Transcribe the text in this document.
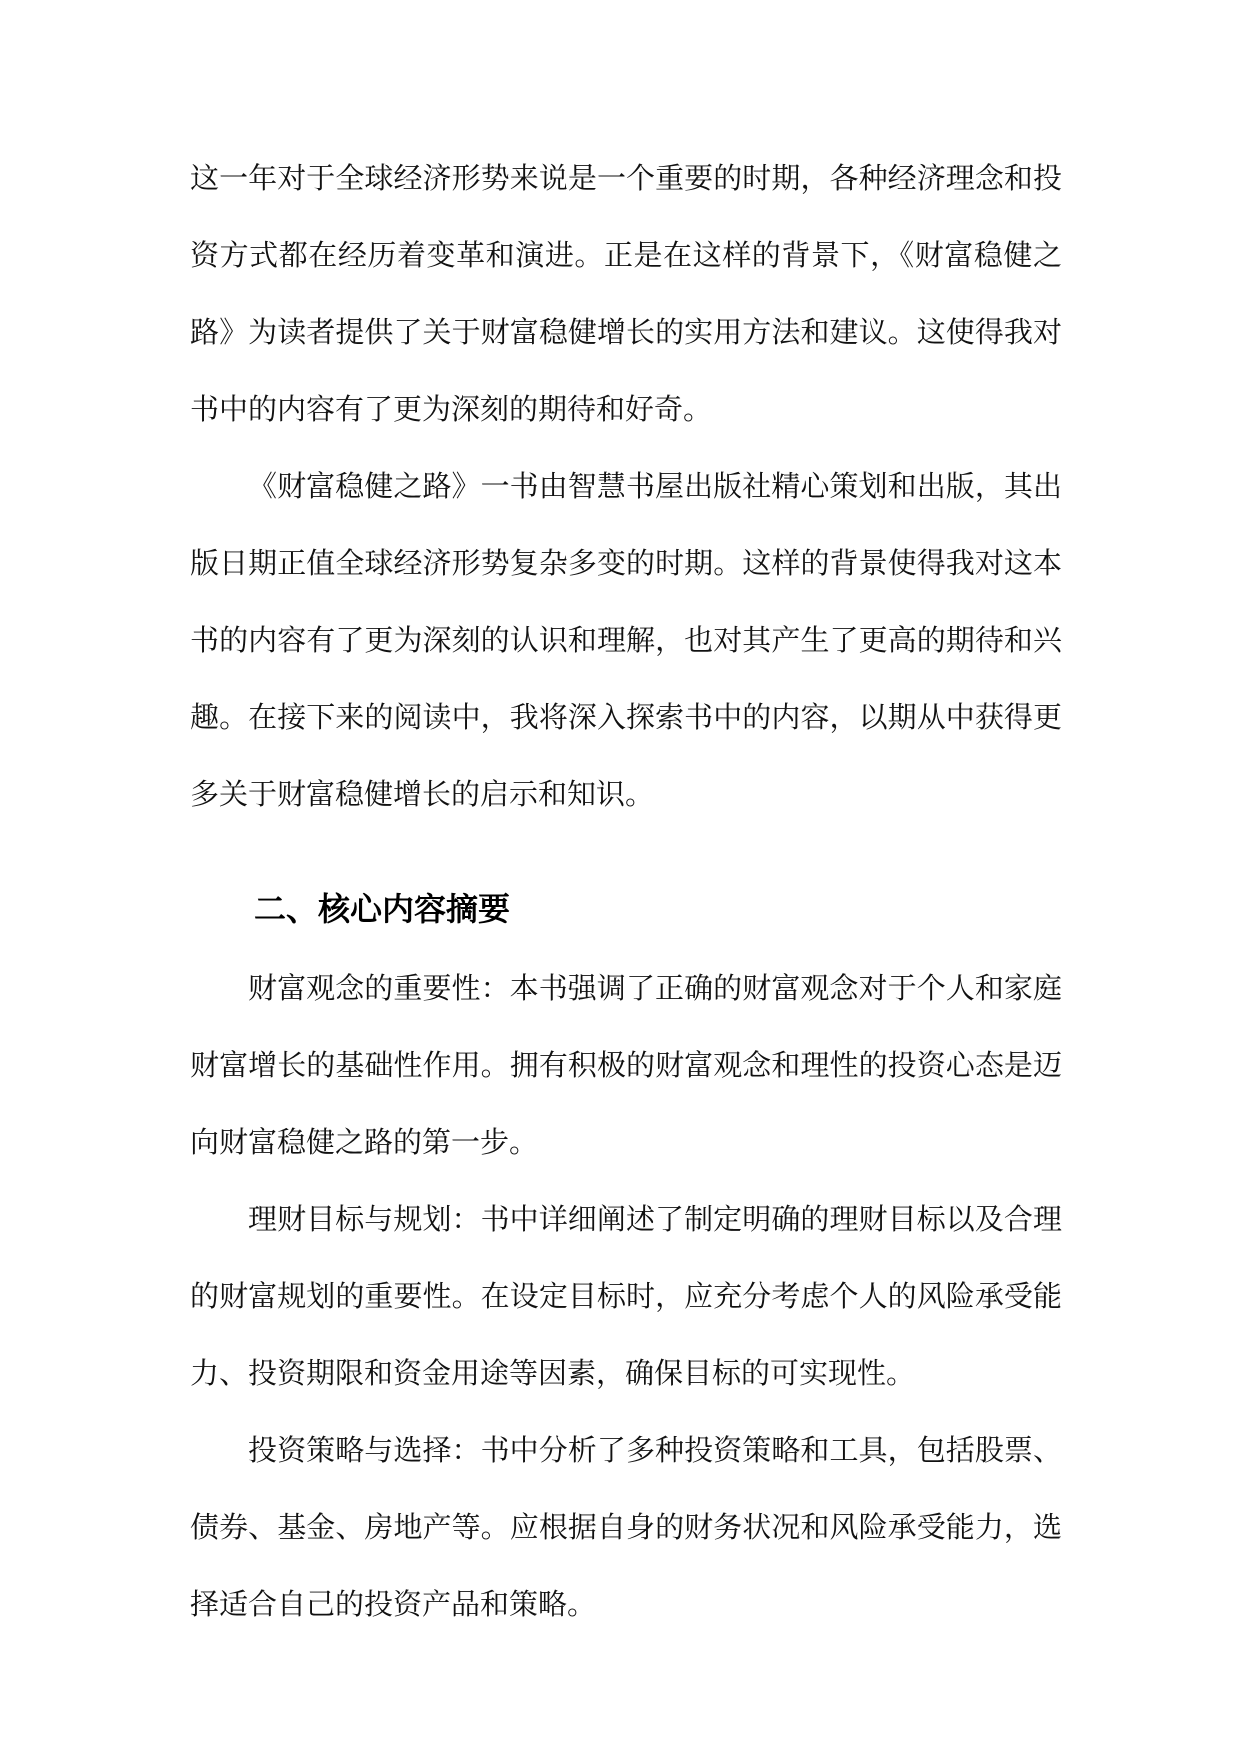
这一年对于全球经济形势来说是一个重要的时期，各种经济理念和投资方式都在经历着变革和演进。正是在这样的背景下，《财富稳健之路》为读者提供了关于财富稳健增长的实用方法和建议。这使得我对书中的内容有了更为深刻的期待和好奇。

《财富稳健之路》一书由智慧书屋出版社精心策划和出版，其出版日期正值全球经济形势复杂多变的时期。这样的背景使得我对这本书的内容有了更为深刻的认识和理解，也对其产生了更高的期待和兴趣。在接下来的阅读中，我将深入探索书中的内容，以期从中获得更多关于财富稳健增长的启示和知识。

二、核心内容摘要

财富观念的重要性：本书强调了正确的财富观念对于个人和家庭财富增长的基础性作用。拥有积极的财富观念和理性的投资心态是迈向财富稳健之路的第一步。

理财目标与规划：书中详细阐述了制定明确的理财目标以及合理的财富规划的重要性。在设定目标时，应充分考虑个人的风险承受能力、投资期限和资金用途等因素，确保目标的可实现性。

投资策略与选择：书中分析了多种投资策略和工具，包括股票、债券、基金、房地产等。应根据自身的财务状况和风险承受能力，选择适合自己的投资产品和策略。
